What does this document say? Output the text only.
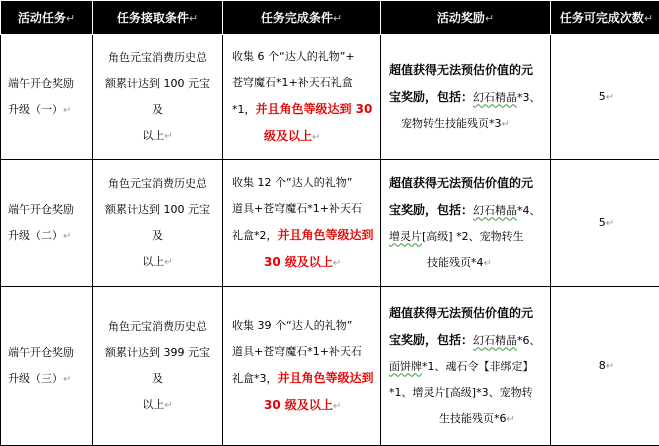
活动任务↵	任务接取条件↵	任务完成条件↵	活动奖励↵	任务可完成次数↵
端午开仓奖励
升级（一）↵	角色元宝消费历史总
额累计达到 100 元宝及
以上↵	收集 6 个“达人的礼物”+
苍穹魔石*1+补天石礼盒
*1，并且角色等级达到 30
级及以上↵	超值获得无法预估价值的元
宝奖励，包括：幻石精晶*3、
宠物转生技能残页*3↵	5↵
端午开仓奖励
升级（二）↵	角色元宝消费历史总
额累计达到 100 元宝及
以上↵	收集 12 个“达人的礼物”
道具+苍穹魔石*1+补天石
礼盒*2，并且角色等级达到
30 级及以上↵	超值获得无法预估价值的元
宝奖励，包括：幻石精晶*4、
增灵片[高级] *2、宠物转生
技能残页*4↵	5↵
端午开仓奖励
升级（三）↵	角色元宝消费历史总
额累计达到 399 元宝及
以上↵	收集 39 个“达人的礼物”
道具+苍穹魔石*1+补天石
礼盒*3，并且角色等级达到
30 级及以上↵	超值获得无法预估价值的元
宝奖励，包括：幻石精晶*6、
面饼牌*1、魂石令【非绑定】
*1、增灵片[高级]*3、宠物转
生技能残页*6↵	8↵
